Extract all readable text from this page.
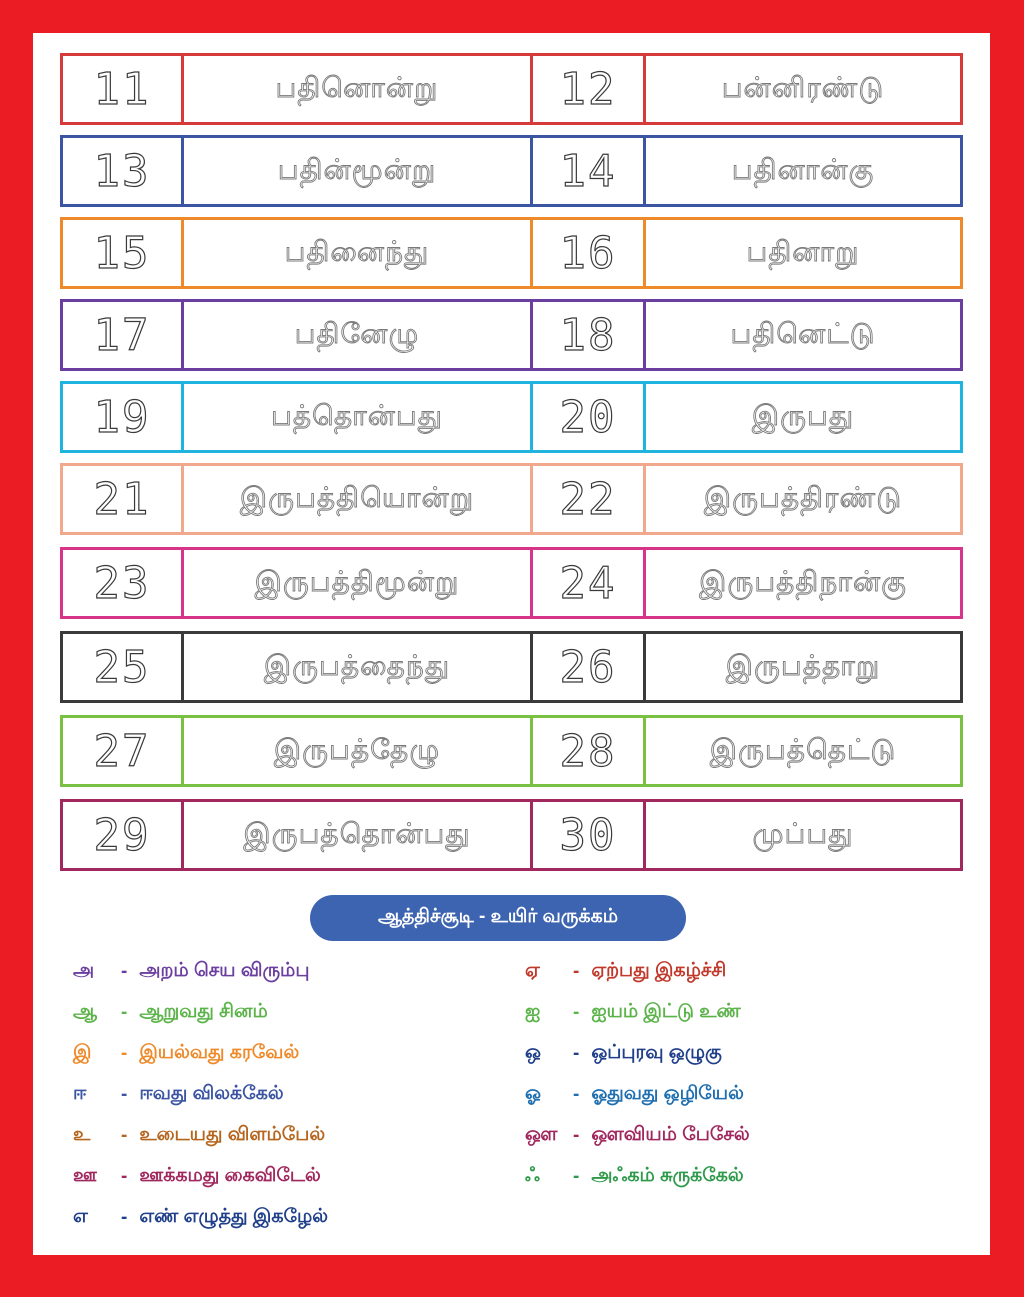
11	பதினொன்று	12	பன்னிரண்டு
13	பதின்மூன்று	14	பதினான்கு
15	பதினைந்து	16	பதினாறு
17	பதினேழு	18	பதினெட்டு
19	பத்தொன்பது	20	இருபது
21	இருபத்தியொன்று 22	இருபத்திரண்டு
23	இருபத்திமூன்று 24	இருபத்திநான்கு
25	இருபத்தைந்து 26	இருபத்தாறு
27	இருபத்தேழு	28	இருபத்தெட்டு
29	இருபத்தொன்பது 30	முப்பது
ஆத்திச்சூடி - உயிர் வருக்கம்
அ	- அறம் செய விரும்பு
ஆ	- ஆறுவது சினம்
இ	- இயல்வது கரவேல்
ஈ	- ஈவது விலக்கேல்
உ	- உடையது விளம்பேல்
ஊ	- ஊக்கமது கைவிடேல்
எ	- எண் எழுத்து இகழேல்
ஏ	- ஏற்பது இகழ்ச்சி
ஐ	- ஐயம் இட்டு உண்
ஒ	- ஒப்புரவு ஒழுகு
ஓ	- ஓதுவது ஒழியேல்
ஔ - ஔவியம் பேசேல்
ஃ	- அஃகம் சுருக்கேல்
